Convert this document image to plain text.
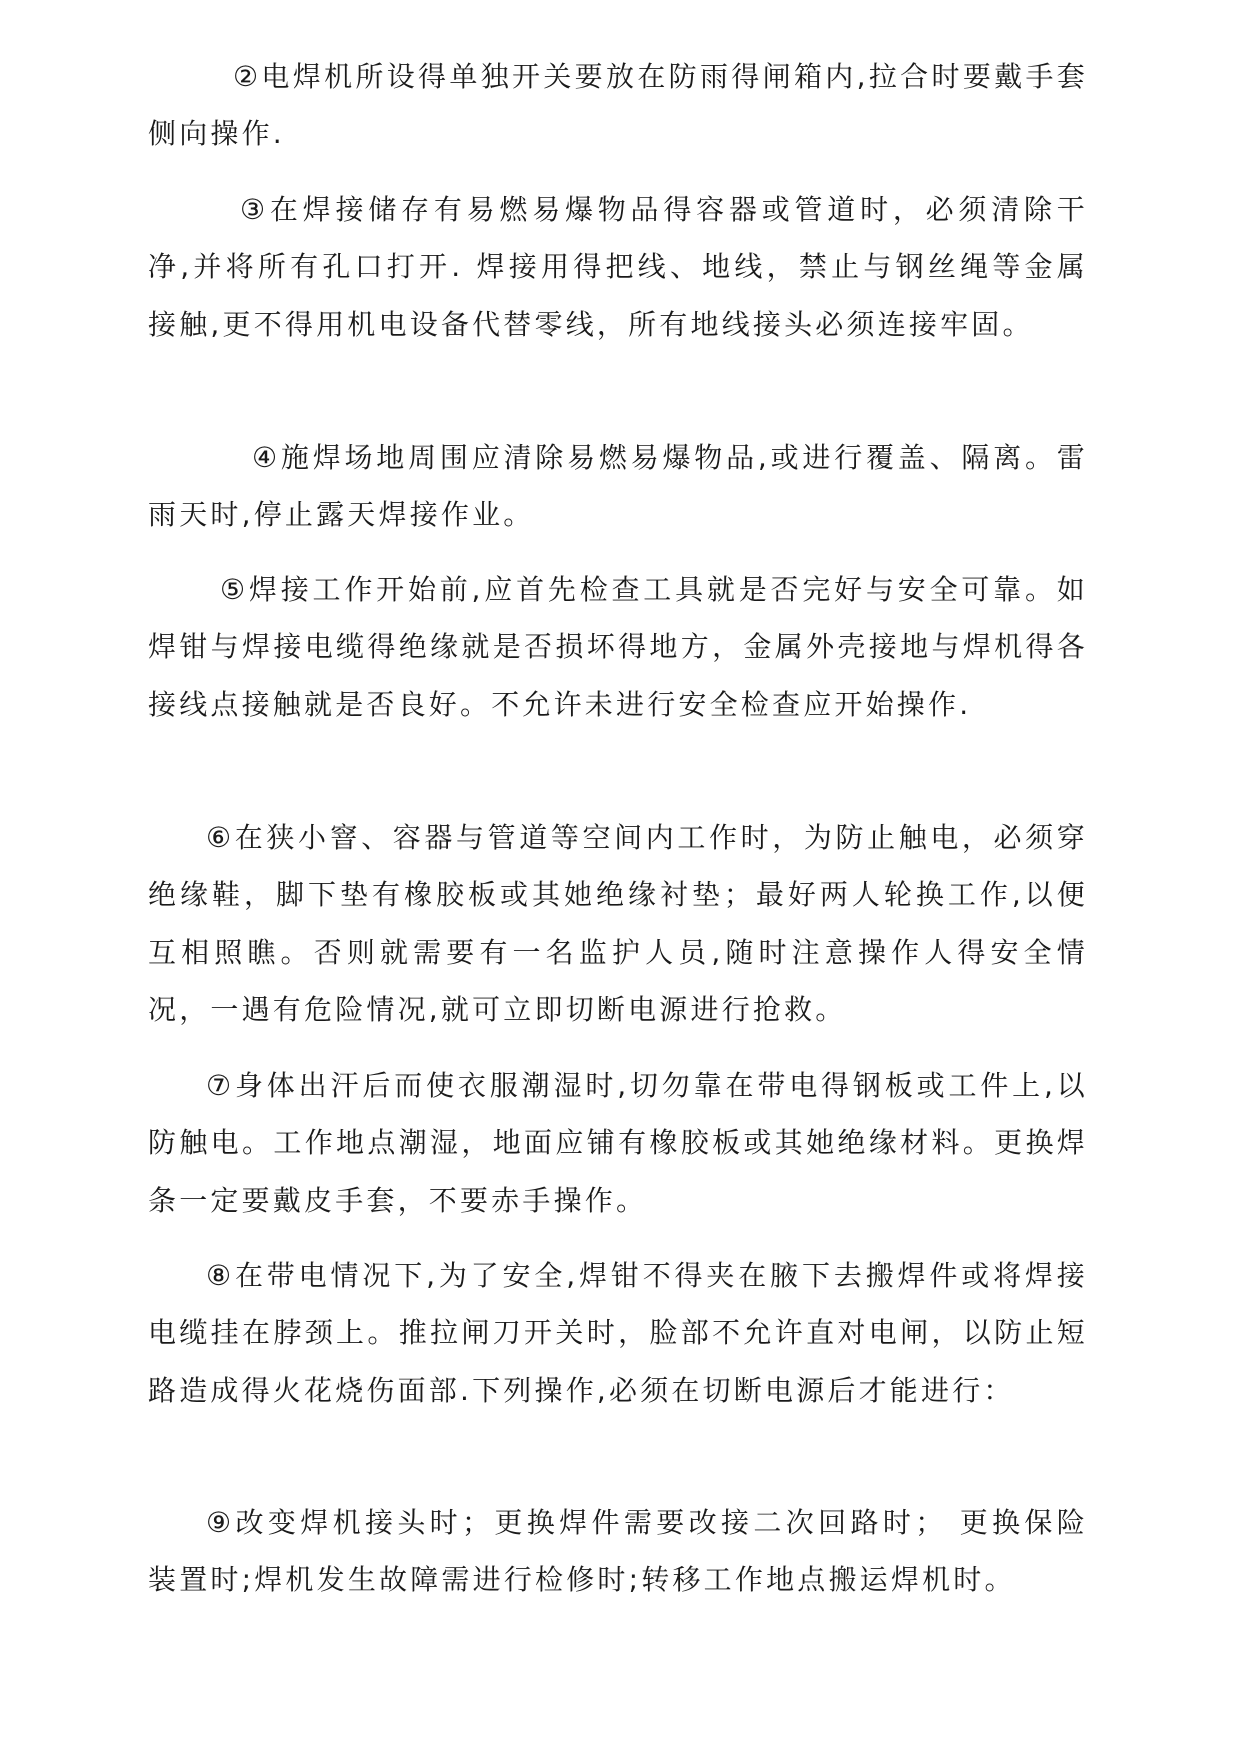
②电焊机所设得单独开关要放在防雨得闸箱内,拉合时要戴手套侧向操作.

③在焊接储存有易燃易爆物品得容器或管道时，必须清除干净,并将所有孔口打开. 焊接用得把线、地线，禁止与钢丝绳等金属接触,更不得用机电设备代替零线，所有地线接头必须连接牢固。

④施焊场地周围应清除易燃易爆物品,或进行覆盖、隔离。雷雨天时,停止露天焊接作业。

⑤焊接工作开始前,应首先检查工具就是否完好与安全可靠。如焊钳与焊接电缆得绝缘就是否损坏得地方，金属外壳接地与焊机得各接线点接触就是否良好。不允许未进行安全检查应开始操作.

⑥在狭小窨、容器与管道等空间内工作时，为防止触电，必须穿绝缘鞋，脚下垫有橡胶板或其她绝缘衬垫；最好两人轮换工作,以便互相照瞧。否则就需要有一名监护人员,随时注意操作人得安全情况，一遇有危险情况,就可立即切断电源进行抢救。

⑦身体出汗后而使衣服潮湿时,切勿靠在带电得钢板或工件上,以防触电。工作地点潮湿，地面应铺有橡胶板或其她绝缘材料。更换焊条一定要戴皮手套，不要赤手操作。

⑧在带电情况下,为了安全,焊钳不得夹在腋下去搬焊件或将焊接电缆挂在脖颈上。推拉闸刀开关时，脸部不允许直对电闸，以防止短路造成得火花烧伤面部.下列操作,必须在切断电源后才能进行：

⑨改变焊机接头时；更换焊件需要改接二次回路时； 更换保险装置时;焊机发生故障需进行检修时;转移工作地点搬运焊机时。
